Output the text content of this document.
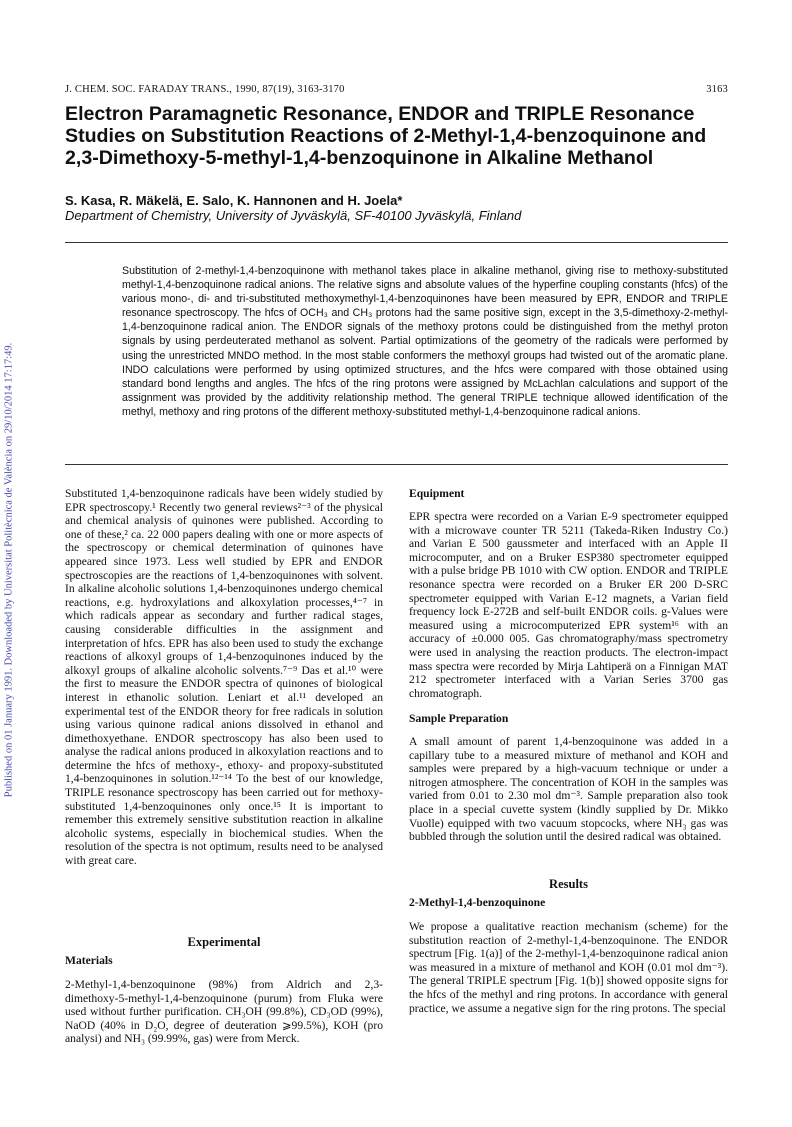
Published on 01 January 1991. Downloaded by Universitat Politècnica de València on 29/10/2014 17:17:49.
J. CHEM. SOC. FARADAY TRANS., 1990, 87(19), 3163-3170	3163
Electron Paramagnetic Resonance, ENDOR and TRIPLE Resonance Studies on Substitution Reactions of 2-Methyl-1,4-benzoquinone and 2,3-Dimethoxy-5-methyl-1,4-benzoquinone in Alkaline Methanol
S. Kasa, R. Mäkelä, E. Salo, K. Hannonen and H. Joela*
Department of Chemistry, University of Jyväskylä, SF-40100 Jyväskylä, Finland
Substitution of 2-methyl-1,4-benzoquinone with methanol takes place in alkaline methanol, giving rise to methoxy-substituted methyl-1,4-benzoquinone radical anions. The relative signs and absolute values of the hyperfine coupling constants (hfcs) of the various mono-, di- and tri-substituted methoxymethyl-1,4-benzoquinones have been measured by EPR, ENDOR and TRIPLE resonance spectroscopy. The hfcs of OCH₃ and CH₃ protons had the same positive sign, except in the 3,5-dimethoxy-2-methyl-1,4-benzoquinone radical anion. The ENDOR signals of the methoxy protons could be distinguished from the methyl proton signals by using perdeuterated methanol as solvent. Partial optimizations of the geometry of the radicals were performed by using the unrestricted MNDO method. In the most stable conformers the methoxyl groups had twisted out of the aromatic plane. INDO calculations were performed by using optimized structures, and the hfcs were compared with those obtained using standard bond lengths and angles. The hfcs of the ring protons were assigned by McLachlan calculations and support of the assignment was provided by the additivity relationship method. The general TRIPLE technique allowed identification of the methyl, methoxy and ring protons of the different methoxy-substituted methyl-1,4-benzoquinone radical anions.

Substituted 1,4-benzoquinone radicals have been widely studied by EPR spectroscopy.¹ Recently two general reviews²⁻³ of the physical and chemical analysis of quinones were published. According to one of these,² ca. 22 000 papers dealing with one or more aspects of the spectroscopy or chemical determination of quinones have appeared since 1973. Less well studied by EPR and ENDOR spectroscopies are the reactions of 1,4-benzoquinones with solvent. In alkaline alcoholic solutions 1,4-benzoquinones undergo chemical reactions, e.g. hydroxylations and alkoxylation processes,⁴⁻⁷ in which radicals appear as secondary and further radical stages, causing considerable difficulties in the assignment and interpretation of hfcs. EPR has also been used to study the exchange reactions of alkoxyl groups of 1,4-benzoquinones induced by the alkoxyl groups of alkaline alcoholic solvents.⁷⁻⁹ Das et al.¹⁰ were the first to measure the ENDOR spectra of quinones of biological interest in ethanolic solution. Leniart et al.¹¹ developed an experimental test of the ENDOR theory for free radicals in solution using various quinone radical anions dissolved in ethanol and dimethoxyethane. ENDOR spectroscopy has also been used to analyse the radical anions produced in alkoxylation reactions and to determine the hfcs of methoxy-, ethoxy- and propoxy-substituted 1,4-benzoquinones in solution.¹²⁻¹⁴ To the best of our knowledge, TRIPLE resonance spectroscopy has been carried out for methoxy-substituted 1,4-benzoquinones only once.¹⁵ It is important to remember this extremely sensitive substitution reaction in alkaline alcoholic systems, especially in biochemical studies. When the resolution of the spectra is not optimum, results need to be analysed with great care.

Experimental
Materials
2-Methyl-1,4-benzoquinone (98%) from Aldrich and 2,3-dimethoxy-5-methyl-1,4-benzoquinone (purum) from Fluka were used without further purification. CH₃OH (99.8%), CD₃OD (99%), NaOD (40% in D₂O, degree of deuteration ⩾99.5%), KOH (pro analysi) and NH₃ (99.99%, gas) were from Merck.
Equipment
EPR spectra were recorded on a Varian E-9 spectrometer equipped with a microwave counter TR 5211 (Takeda-Riken Industry Co.) and Varian E 500 gaussmeter and interfaced with an Apple II microcomputer, and on a Bruker ESP380 spectrometer equipped with a pulse bridge PB 1010 with CW option. ENDOR and TRIPLE resonance spectra were recorded on a Bruker ER 200 D-SRC spectrometer equipped with Varian E-12 magnets, a Varian field frequency lock E-272B and self-built ENDOR coils. g-Values were measured using a microcomputerized EPR system¹⁶ with an accuracy of ±0.000 005. Gas chromatography/mass spectrometry were used in analysing the reaction products. The electron-impact mass spectra were recorded by Mirja Lahtiperä on a Finnigan MAT 212 spectrometer interfaced with a Varian Series 3700 gas chromatograph.
Sample Preparation
A small amount of parent 1,4-benzoquinone was added in a capillary tube to a measured mixture of methanol and KOH and samples were prepared by a high-vacuum technique or under a nitrogen atmosphere. The concentration of KOH in the samples was varied from 0.01 to 2.30 mol dm⁻³. Sample preparation also took place in a special cuvette system (kindly supplied by Dr. Mikko Vuolle) equipped with two vacuum stopcocks, where NH₃ gas was bubbled through the solution until the desired radical was obtained.
Results
2-Methyl-1,4-benzoquinone
We propose a qualitative reaction mechanism (scheme) for the substitution reaction of 2-methyl-1,4-benzoquinone. The ENDOR spectrum [Fig. 1(a)] of the 2-methyl-1,4-benzoquinone radical anion was measured in a mixture of methanol and KOH (0.01 mol dm⁻³). The general TRIPLE spectrum [Fig. 1(b)] showed opposite signs for the hfcs of the methyl and ring protons. In accordance with general practice, we assume a negative sign for the ring protons. The special
